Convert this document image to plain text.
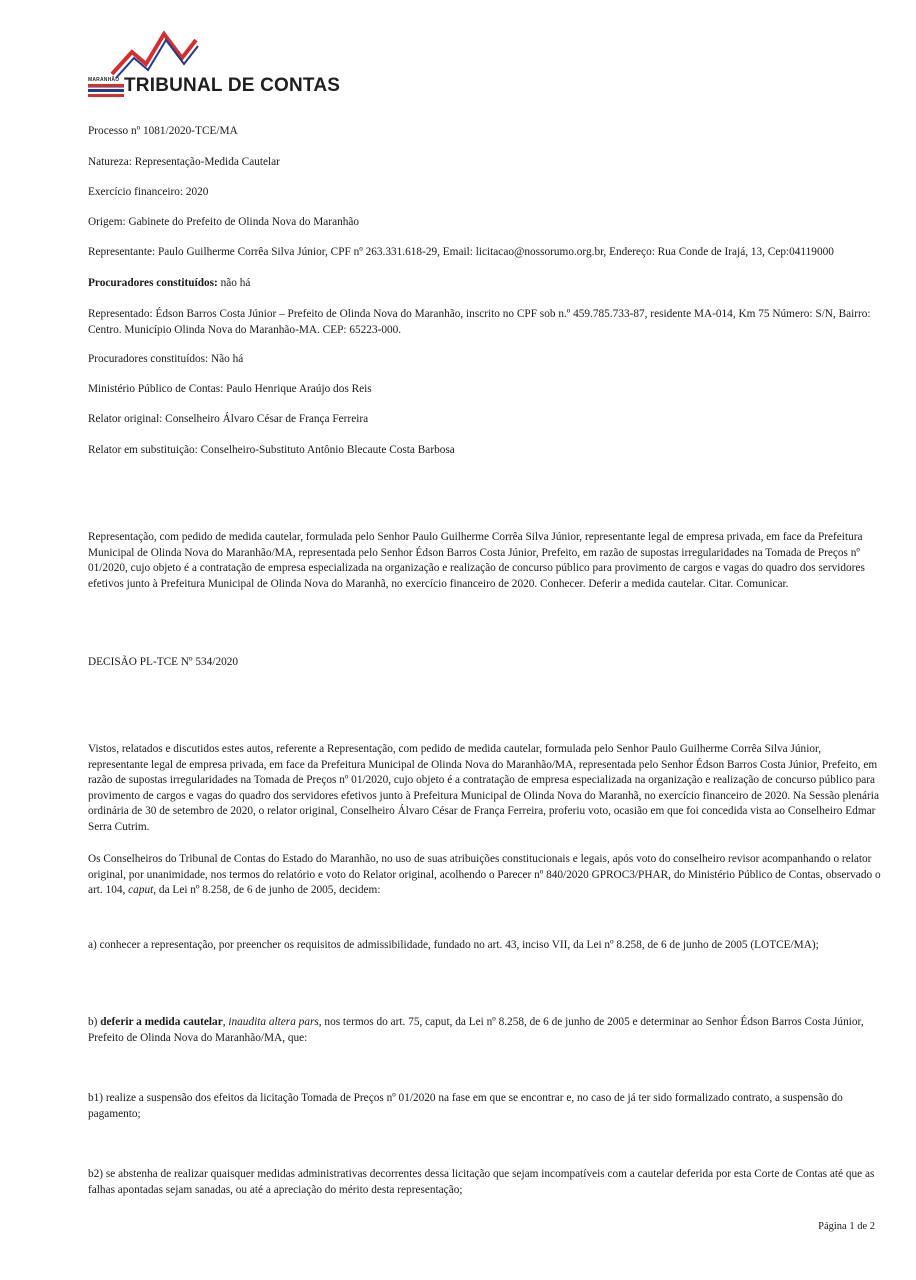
MARANHÃO TRIBUNAL DE CONTAS

Processo nº 1081/2020-TCE/MA

Natureza: Representação-Medida Cautelar

Exercício financeiro: 2020

Origem: Gabinete do Prefeito de Olinda Nova do Maranhão

Representante: Paulo Guilherme Corrêa Silva Júnior, CPF nº 263.331.618-29, Email: licitacao@nossorumo.org.br, Endereço: Rua Conde de Irajá, 13, Cep:04119000

Procuradores constituídos: não há

Representado: Édson Barros Costa Júnior – Prefeito de Olinda Nova do Maranhão, inscrito no CPF sob n.º 459.785.733-87, residente MA-014, Km 75 Número: S/N, Bairro: Centro. Município Olinda Nova do Maranhão-MA. CEP: 65223-000.

Procuradores constituídos: Não há

Ministério Público de Contas: Paulo Henrique Araújo dos Reis

Relator original: Conselheiro Álvaro César de França Ferreira

Relator em substituição: Conselheiro-Substituto Antônio Blecaute Costa Barbosa

Representação, com pedido de medida cautelar, formulada pelo Senhor Paulo Guilherme Corrêa Silva Júnior, representante legal de empresa privada, em face da Prefeitura Municipal de Olinda Nova do Maranhão/MA, representada pelo Senhor Édson Barros Costa Júnior, Prefeito, em razão de supostas irregularidades na Tomada de Preços nº 01/2020, cujo objeto é a contratação de empresa especializada na organização e realização de concurso público para provimento de cargos e vagas do quadro dos servidores efetivos junto à Prefeitura Municipal de Olinda Nova do Maranhã, no exercício financeiro de 2020. Conhecer. Deferir a medida cautelar. Citar. Comunicar.

DECISÃO PL-TCE Nº 534/2020

Vistos, relatados e discutidos estes autos, referente a Representação, com pedido de medida cautelar, formulada pelo Senhor Paulo Guilherme Corrêa Silva Júnior, representante legal de empresa privada, em face da Prefeitura Municipal de Olinda Nova do Maranhão/MA, representada pelo Senhor Édson Barros Costa Júnior, Prefeito, em razão de supostas irregularidades na Tomada de Preços nº 01/2020, cujo objeto é a contratação de empresa especializada na organização e realização de concurso público para provimento de cargos e vagas do quadro dos servidores efetivos junto à Prefeitura Municipal de Olinda Nova do Maranhã, no exercício financeiro de 2020. Na Sessão plenária ordinária de 30 de setembro de 2020, o relator original, Conselheiro Álvaro César de França Ferreira, proferiu voto, ocasião em que foi concedida vista ao Conselheiro Edmar Serra Cutrim.

Os Conselheiros do Tribunal de Contas do Estado do Maranhão, no uso de suas atribuições constitucionais e legais, após voto do conselheiro revisor acompanhando o relator original, por unanimidade, nos termos do relatório e voto do Relator original, acolhendo o Parecer nº 840/2020 GPROC3/PHAR, do Ministério Público de Contas, observado o art. 104, caput, da Lei nº 8.258, de 6 de junho de 2005, decidem:

a) conhecer a representação, por preencher os requisitos de admissibilidade, fundado no art. 43, inciso VII, da Lei nº 8.258, de 6 de junho de 2005 (LOTCE/MA);

b) deferir a medida cautelar, inaudita altera pars, nos termos do art. 75, caput, da Lei nº 8.258, de 6 de junho de 2005 e determinar ao Senhor Édson Barros Costa Júnior, Prefeito de Olinda Nova do Maranhão/MA, que:

b1) realize a suspensão dos efeitos da licitação Tomada de Preços nº 01/2020 na fase em que se encontrar e, no caso de já ter sido formalizado contrato, a suspensão do pagamento;

b2) se abstenha de realizar quaisquer medidas administrativas decorrentes dessa licitação que sejam incompatíveis com a cautelar deferida por esta Corte de Contas até que as falhas apontadas sejam sanadas, ou até a apreciação do mérito desta representação;

Página 1 de 2
